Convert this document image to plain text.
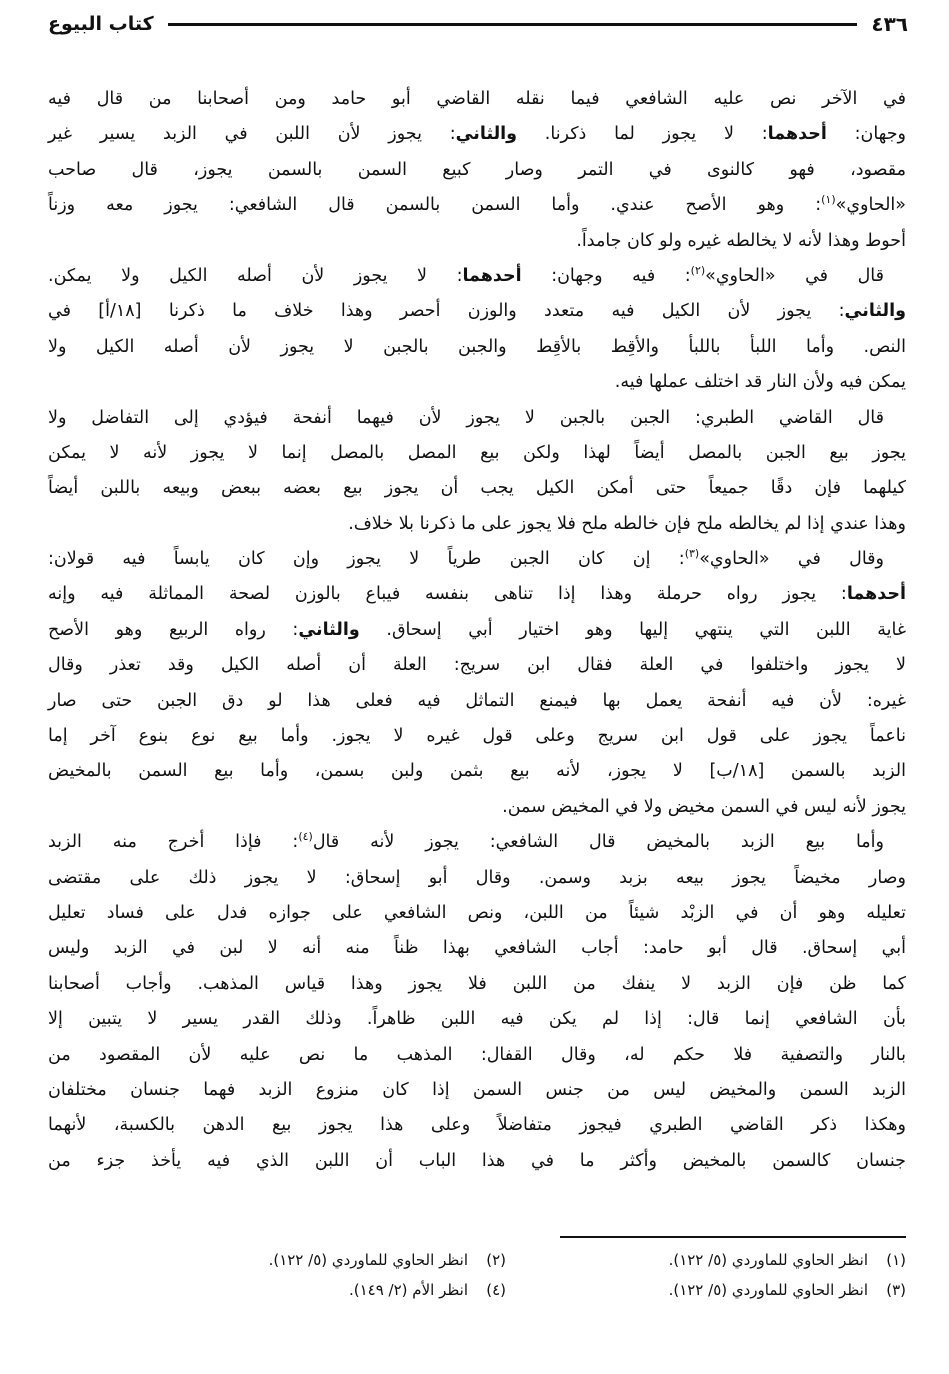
٤٣٦
كتاب البيوع
في الآخر نص عليه الشافعي فيما نقله القاضي أبو حامد ومن أصحابنا من قال فيه
وجهان: أحدهما: لا يجوز لما ذكرنا. والثاني: يجوز لأن اللبن في الزبد يسير غير
مقصود، فهو كالنوى في التمر وصار كبيع السمن بالسمن يجوز، قال صاحب
«الحاوي»$^{(١)}$: وهو الأصح عندي. وأما السمن بالسمن قال الشافعي: يجوز معه وزناً
أحوط وهذا لأنه لا يخالطه غيره ولو كان جامداً.
قال في «الحاوي»$^{(٢)}$: فيه وجهان: أحدهما: لا يجوز لأن أصله الكيل ولا يمكن.
والثاني: يجوز لأن الكيل فيه متعدد والوزن أحصر وهذا خلاف ما ذكرنا [١٨/أ] في
النص. وأما اللبأ باللبأ والأقِط بالأقِط والجبن بالجبن لا يجوز لأن أصله الكيل ولا
يمكن فيه ولأن النار قد اختلف عملها فيه.
قال القاضي الطبري: الجبن بالجبن لا يجوز لأن فيهما أنفحة فيؤدي إلى التفاضل ولا
يجوز بيع الجبن بالمصل أيضاً لهذا ولكن بيع المصل بالمصل إنما لا يجوز لأنه لا يمكن
كيلهما فإن دقًا جميعاً حتى أمكن الكيل يجب أن يجوز بيع بعضه ببعض وبيعه باللبن أيضاً
وهذا عندي إذا لم يخالطه ملح فإن خالطه ملح فلا يجوز على ما ذكرنا بلا خلاف.
وقال في «الحاوي»$^{(٣)}$: إن كان الجبن طرياً لا يجوز وإن كان يابساً فيه قولان:
أحدهما: يجوز رواه حرملة وهذا إذا تناهى بنفسه فيباع بالوزن لصحة المماثلة فيه وإنه
غاية اللبن التي ينتهي إليها وهو اختيار أبي إسحاق. والثاني: رواه الربيع وهو الأصح
لا يجوز واختلفوا في العلة فقال ابن سريج: العلة أن أصله الكيل وقد تعذر وقال
غيره: لأن فيه أنفحة يعمل بها فيمنع التماثل فيه فعلى هذا لو دق الجبن حتى صار
ناعماً يجوز على قول ابن سريج وعلى قول غيره لا يجوز. وأما بيع نوع بنوع آخر إما
الزبد بالسمن [١٨/ب] لا يجوز، لأنه بيع بثمن ولبن بسمن، وأما بيع السمن بالمخيض
يجوز لأنه ليس في السمن مخيض ولا في المخيض سمن.
وأما بيع الزبد بالمخيض قال الشافعي: يجوز لأنه قال$^{(٤)}$: فإذا أخرج منه الزبد
وصار مخيضاً يجوز بيعه بزبد وسمن. وقال أبو إسحاق: لا يجوز ذلك على مقتضى
تعليله وهو أن في الزبْد شيئاً من اللبن، ونص الشافعي على جوازه فدل على فساد تعليل
أبي إسحاق. قال أبو حامد: أجاب الشافعي بهذا ظناً منه أنه لا لبن في الزبد وليس
كما ظن فإن الزبد لا ينفك من اللبن فلا يجوز وهذا قياس المذهب. وأجاب أصحابنا
بأن الشافعي إنما قال: إذا لم يكن فيه اللبن ظاهراً. وذلك القدر يسير لا يتبين إلا
بالنار والتصفية فلا حكم له، وقال القفال: المذهب ما نص عليه لأن المقصود من
الزبد السمن والمخيض ليس من جنس السمن إذا كان منزوع الزبد فهما جنسان مختلفان
وهكذا ذكر القاضي الطبري فيجوز متفاضلاً وعلى هذا يجوز بيع الدهن بالكسبة، لأنهما
جنسان كالسمن بالمخيض وأكثر ما في هذا الباب أن اللبن الذي فيه يأخذ جزء من
(١)انظر الحاوي للماوردي (٥/ ١٢٢).
(٢)انظر الحاوي للماوردي (٥/ ١٢٢).
(٣)انظر الحاوي للماوردي (٥/ ١٢٢).
(٤)انظر الأم (٢/ ١٤٩).
